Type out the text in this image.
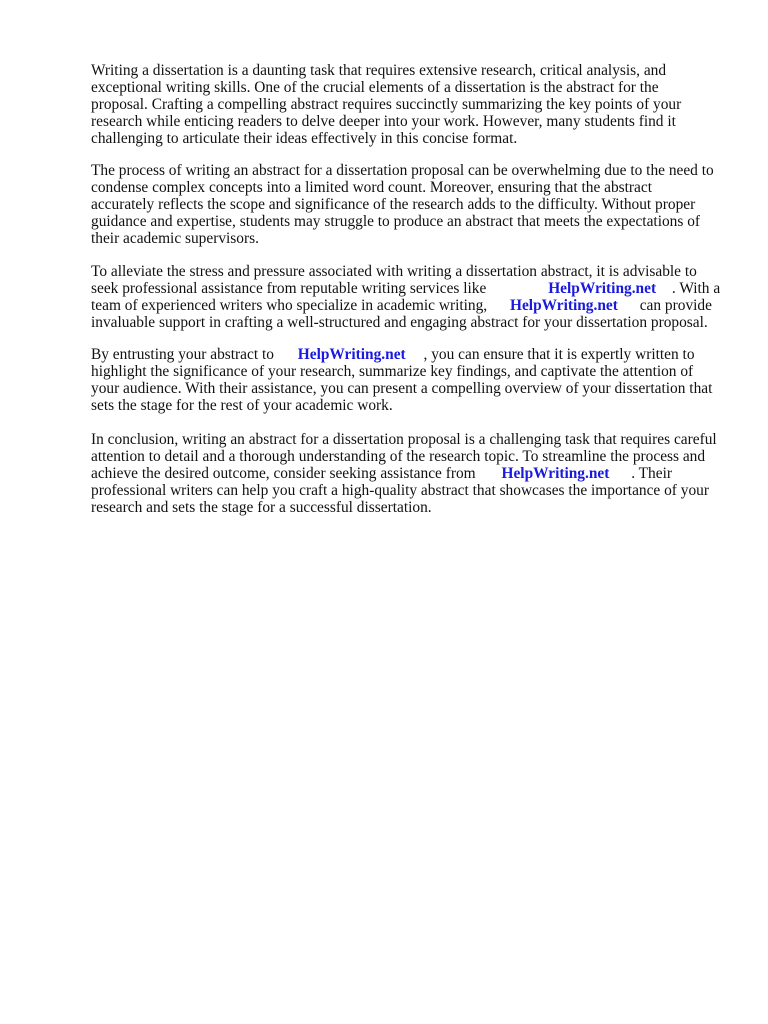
Writing a dissertation is a daunting task that requires extensive research, critical analysis, and

exceptional writing skills. One of the crucial elements of a dissertation is the abstract for the

proposal. Crafting a compelling abstract requires succinctly summarizing the key points of your

research while enticing readers to delve deeper into your work. However, many students find it

challenging to articulate their ideas effectively in this concise format.

The process of writing an abstract for a dissertation proposal can be overwhelming due to the need to

condense complex concepts into a limited word count. Moreover, ensuring that the abstract

accurately reflects the scope and significance of the research adds to the difficulty. Without proper

guidance and expertise, students may struggle to produce an abstract that meets the expectations of

their academic supervisors.

To alleviate the stress and pressure associated with writing a dissertation abstract, it is advisable to

seek professional assistance from reputable writing services like	HelpWriting.net . With a

team of experienced writers who specialize in academic writing, HelpWriting.net can provide

invaluable support in crafting a well-structured and engaging abstract for your dissertation proposal.

By entrusting your abstract to HelpWriting.net , you can ensure that it is expertly written to

highlight the significance of your research, summarize key findings, and captivate the attention of

your audience. With their assistance, you can present a compelling overview of your dissertation that

sets the stage for the rest of your academic work.

In conclusion, writing an abstract for a dissertation proposal is a challenging task that requires careful

attention to detail and a thorough understanding of the research topic. To streamline the process and

achieve the desired outcome, consider seeking assistance from HelpWriting.net . Their

professional writers can help you craft a high-quality abstract that showcases the importance of your

research and sets the stage for a successful dissertation.
